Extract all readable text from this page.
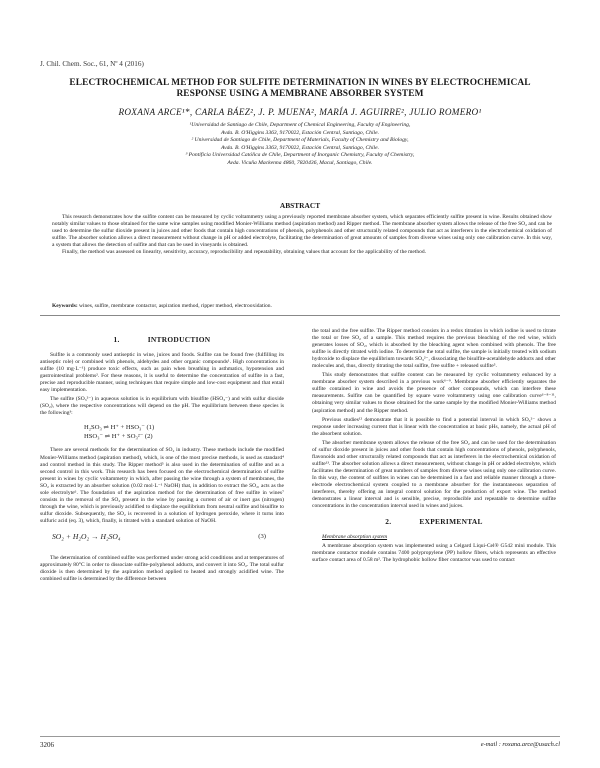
J. Chil. Chem. Soc., 61, Nº 4 (2016)
ELECTROCHEMICAL METHOD FOR SULFITE DETERMINATION IN WINES BY ELECTROCHEMICAL
RESPONSE USING A MEMBRANE ABSORBER SYSTEM
ROXANA ARCE¹*, CARLA BÁEZ², J. P. MUENA², MARÍA J. AGUIRRE², JULIO ROMERO¹
¹Universidad de Santiago de Chile, Department of Chemical Engineering, Faculty of Engineering,
Avda. B. O'Higgins 3363, 9170022, Estación Central, Santiago, Chile.
² Universidad de Santiago de Chile, Department of Materials, Faculty of Chemistry and Biology,
Avda. B. O'Higgins 3363, 9170022, Estación Central, Santiago, Chile.
³ Pontificia Universidad Católica de Chile, Department of Inorganic Chemistry, Faculty of Chemistry,
Avda. Vicuña Mackenna 4860, 7820436, Macul, Santiago, Chile.
ABSTRACT

This research demonstrates how the sulfite content can be measured by cyclic voltammetry using a previously reported membrane absorber system, which separates efficiently sulfite present in wine. Results obtained show notably similar values to those obtained for the same wine samples using modified Monier-Williams method (aspiration method) and Ripper method. The membrane absorber system allows the release of the free SO₂ and can be used to determine the sulfur dioxide present in juices and other foods that contain high concentrations of phenols, polyphenols and other structurally related compounds that act as interferers in the electrochemical oxidation of sulfite. The absorber solution allows a direct measurement without change in pH or added electrolyte, facilitating the determination of great amounts of samples from diverse wines using only one calibration curve. In this way, a system that allows the detection of sulfite and that can be used in vineyards is obtained.

Finally, the method was assessed on linearity, sensitivity, accuracy, reproducibility and repeatability, obtaining values that account for the applicability of the method.

Keywords: wines, sulfite, membrane contactor, aspiration method, ripper method, electrooxidation.
1.	INTRODUCTION

Sulfite is a commonly used antiseptic in wine, juices and foods. Sulfite can be found free (fulfilling its antiseptic role) or combined with phenols, aldehydes and other organic compounds¹. High concentrations in sulfite (10 mg·L⁻¹) produce toxic effects, such as pain when breathing in asthmatics, hypotension and gastrointestinal problems². For these reasons, it is useful to determine the concentration of sulfite in a fast, precise and reproducible manner, using techniques that require simple and low-cost equipment and that entail easy implementation.

The sulfite (SO₃²⁻) in aqueous solution is in equilibrium with bisulfite (HSO₃⁻) and with sulfur dioxide (SO₂), where the respective concentrations will depend on the pH. The equilibrium between these species is the following³:

H₂SO₃ ⇌ H⁺ + HSO₃⁻ (1)
HSO₃⁻ ⇌ H⁺ + SO₃²⁻ (2)

There are several methods for the determination of SO₂ in industry. These methods include the modified Monier-Williams method (aspiration method), which, is one of the most precise methods, is used as standard⁴ and control method in this study. The Ripper method⁵ is also used in the determination of sulfite and as a second control in this work. This research has been focused on the electrochemical determination of sulfite present in wines by cyclic voltammetry in which, after passing the wine through a system of membranes, the SO₂ is extracted by an absorber solution (0.02 mol·L⁻¹ NaOH) that, in addition to extract the SO₂, acts as the sole electrolyte⁶. The foundation of the aspiration method for the determination of free sulfite in wines⁷ consists in the removal of the SO₂ present in the wine by passing a current of air or inert gas (nitrogen) through the wine, which is previously acidified to displace the equilibrium from neutral sulfite and bisulfite to sulfur dioxide. Subsequently, the SO₂ is recovered in a solution of hydrogen peroxide, where it turns into sulfuric acid (eq. 3), which, finally, is titrated with a standard solution of NaOH.

SO₂ + H₂O₂ → H₂SO₄	(3)

The determination of combined sulfite was performed under strong acid conditions and at temperatures of approximately 80°C in order to dissociate sulfite-polyphenol adducts, and convert it into SO₂. The total sulfur dioxide is then determined by the aspiration method applied to heated and strongly acidified wine. The combined sulfite is determined by the difference between

the total and the free sulfite. The Ripper method consists in a redox titration in which iodine is used to titrate the total or free SO₂ of a sample. This method requires the previous bleaching of the red wine, which generates losses of SO₂, which is absorbed by the bleaching agent when combined with phenols. The free sulfite is directly titrated with iodine. To determine the total sulfite, the sample is initially treated with sodium hydroxide to displace the equilibrium towards SO₃²⁻, dissociating the bisulfite-acetaldehyde adducts and other molecules and, thus, directly titrating the total sulfite, free sulfite + released sulfite⁵.

This study demonstrates that sulfite content can be measured by cyclic voltammetry enhanced by a membrane absorber system described in a previous work⁶⁻⁹. Membrane absorber efficiently separates the sulfite contained in wine and avoids the presence of other compounds, which can interfere these measurements. Sulfite can be quantified by square wave voltammetry using one calibration curve⁶⁻⁸⁻¹¹, obtaining very similar values to those obtained for the same sample by the modified Monier-Williams method (aspiration method) and the Ripper method.

Previous studies¹² demonstrate that it is possible to find a potential interval in which SO₃²⁻ shows a response under increasing current that is linear with the concentration at basic pHs, namely, the actual pH of the absorbent solution.

The absorber membrane system allows the release of the free SO₂ and can be used for the determination of sulfur dioxide present in juices and other foods that contain high concentrations of phenols, polyphenols, flavonoids and other structurally related compounds that act as interferers in the electrochemical oxidation of sulfite¹³. The absorber solution allows a direct measurement, without change in pH or added electrolyte, which facilitates the determination of great numbers of samples from diverse wines using only one calibration curve. In this way, the content of sulfites in wines can be determined in a fast and reliable manner through a three-electrode electrochemical system coupled to a membrane absorber for the instantaneous separation of interferers, thereby offering an integral control solution for the production of export wine. The method demonstrates a linear interval and is sensible, precise, reproducible and repeatable to determine sulfite concentrations in the concentration interval used in wines and juices.

2.	EXPERIMENTAL
Membrane absorption system

A membrane absorption system was implemented using a Celgard Liqui-Cel® G542 mini module. This membrane contactor module contains 7400 polypropylene (PP) hollow fibers, which represents an effective surface contact area of 0.58 m². The hydrophobic hollow fiber contactor was used to contact

3206	e-mail : roxana.arce@usach.cl
